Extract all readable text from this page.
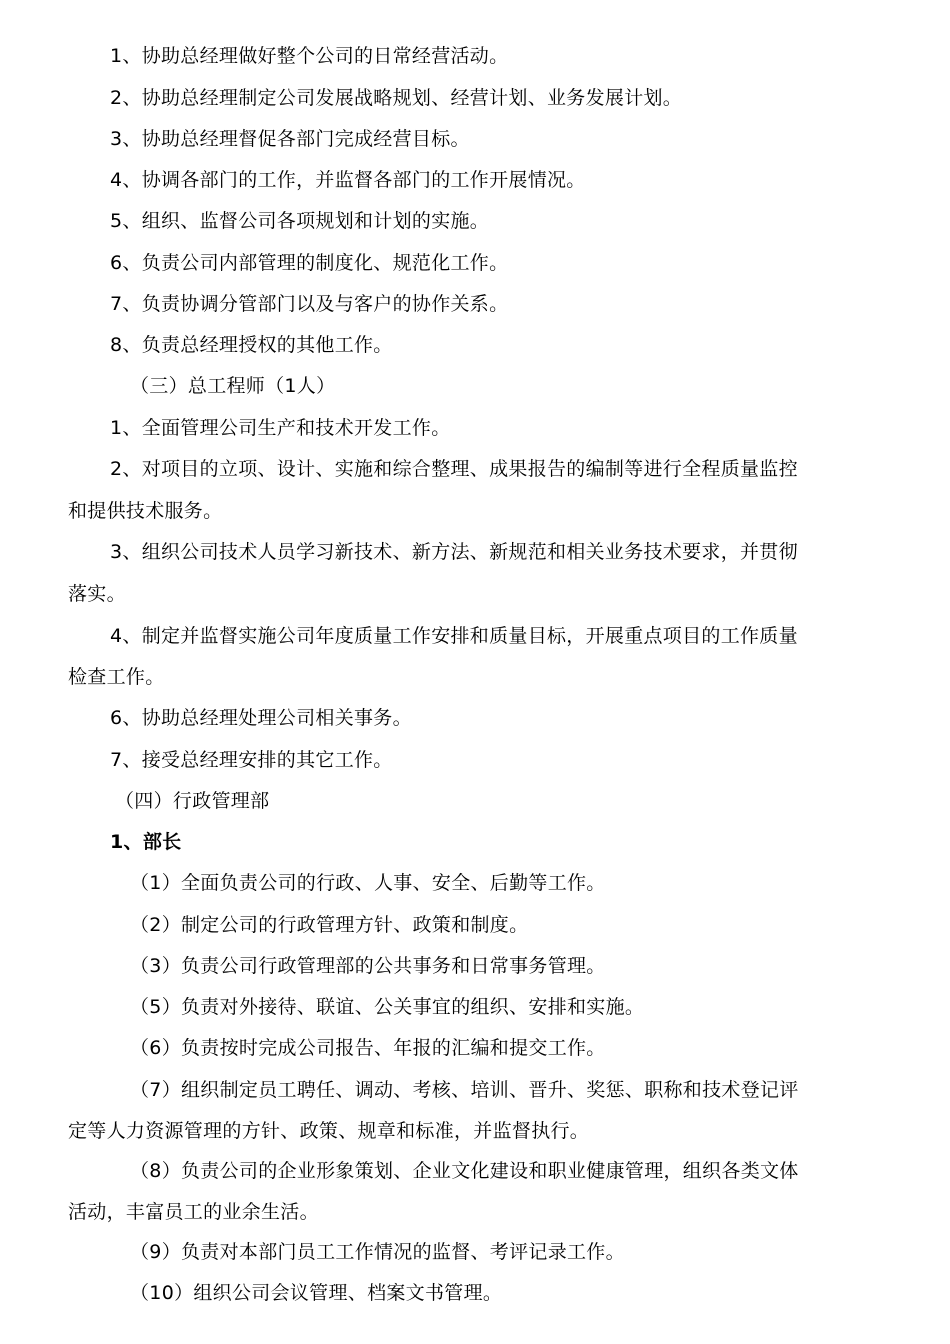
1、协助总经理做好整个公司的日常经营活动。
2、协助总经理制定公司发展战略规划、经营计划、业务发展计划。
3、协助总经理督促各部门完成经营目标。
4、协调各部门的工作，并监督各部门的工作开展情况。
5、组织、监督公司各项规划和计划的实施。
6、负责公司内部管理的制度化、规范化工作。
7、负责协调分管部门以及与客户的协作关系。
8、负责总经理授权的其他工作。
（三）总工程师（1人）
1、全面管理公司生产和技术开发工作。
2、对项目的立项、设计、实施和综合整理、成果报告的编制等进行全程质量监控
和提供技术服务。
3、组织公司技术人员学习新技术、新方法、新规范和相关业务技术要求，并贯彻
落实。
4、制定并监督实施公司年度质量工作安排和质量目标，开展重点项目的工作质量
检查工作。
6、协助总经理处理公司相关事务。
7、接受总经理安排的其它工作。
（四）行政管理部
1、部长
（1）全面负责公司的行政、人事、安全、后勤等工作。
（2）制定公司的行政管理方针、政策和制度。
（3）负责公司行政管理部的公共事务和日常事务管理。
（5）负责对外接待、联谊、公关事宜的组织、安排和实施。
（6）负责按时完成公司报告、年报的汇编和提交工作。
（7）组织制定员工聘任、调动、考核、培训、晋升、奖惩、职称和技术登记评
定等人力资源管理的方针、政策、规章和标准，并监督执行。
（8）负责公司的企业形象策划、企业文化建设和职业健康管理，组织各类文体
活动，丰富员工的业余生活。
（9）负责对本部门员工工作情况的监督、考评记录工作。
（10）组织公司会议管理、档案文书管理。
